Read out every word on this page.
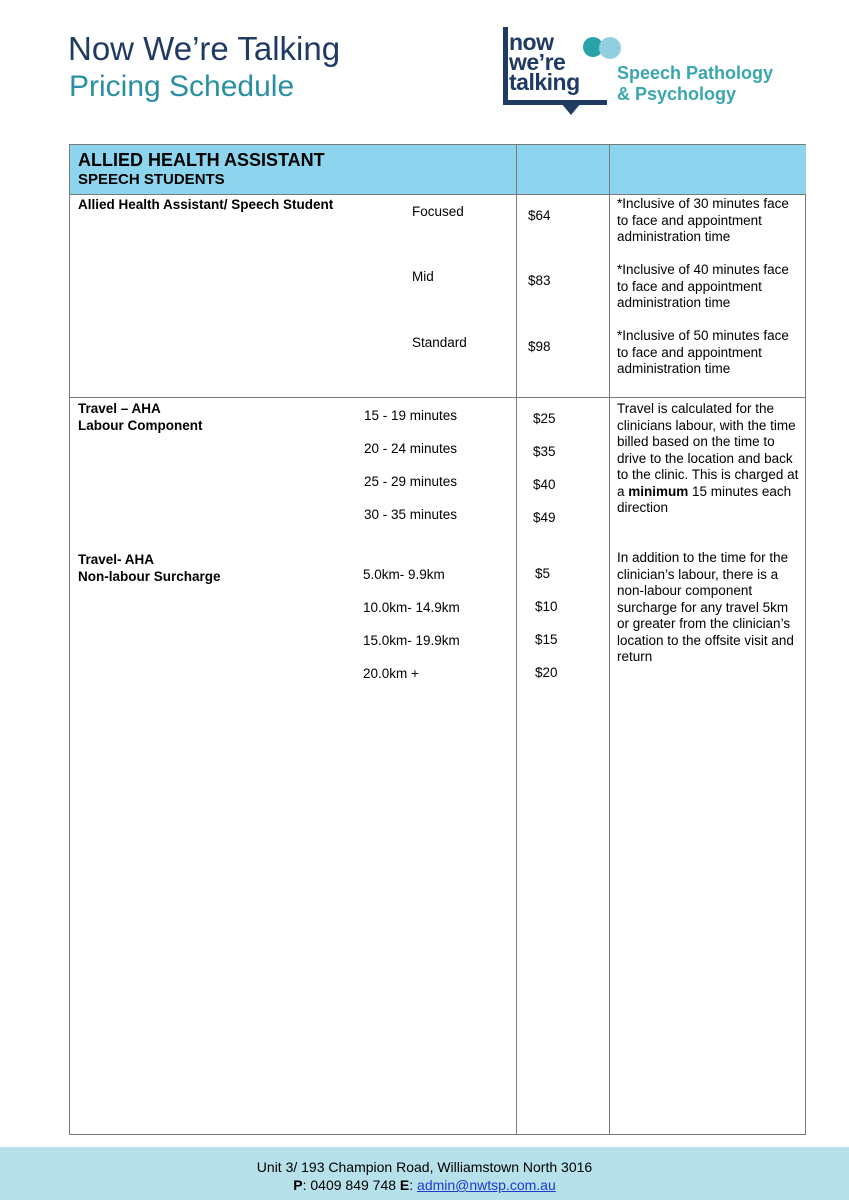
Now We’re Talking
Pricing Schedule
now
we’re
talking Speech Pathology
& Psychology
ALLIED HEALTH ASSISTANT
SPEECH STUDENTS
Allied Health Assistant/ Speech Student	Focused	$64
*Inclusive of 30 minutes face to face and appointment administration time
Mid	$83
*Inclusive of 40 minutes face to face and appointment administration time
Standard	$98
*Inclusive of 50 minutes face to face and appointment administration time
Travel – AHA
Labour Component
15 - 19 minutes	$25
20 - 24 minutes	$35
25 - 29 minutes	$40
30 - 35 minutes	$49
Travel is calculated for the clinicians labour, with the time billed based on the time to drive to the location and back to the clinic. This is charged at a minimum 15 minutes each direction
Travel- AHA
Non-labour Surcharge	5.0km- 9.9km	$5
10.0km- 14.9km	$10
15.0km- 19.9km	$15
20.0km +	$20
In addition to the time for the clinician’s labour, there is a non-labour component surcharge for any travel 5km or greater from the clinician’s location to the offsite visit and return
Unit 3/ 193 Champion Road, Williamstown North 3016
P: 0409 849 748 E: admin@nwtsp.com.au
